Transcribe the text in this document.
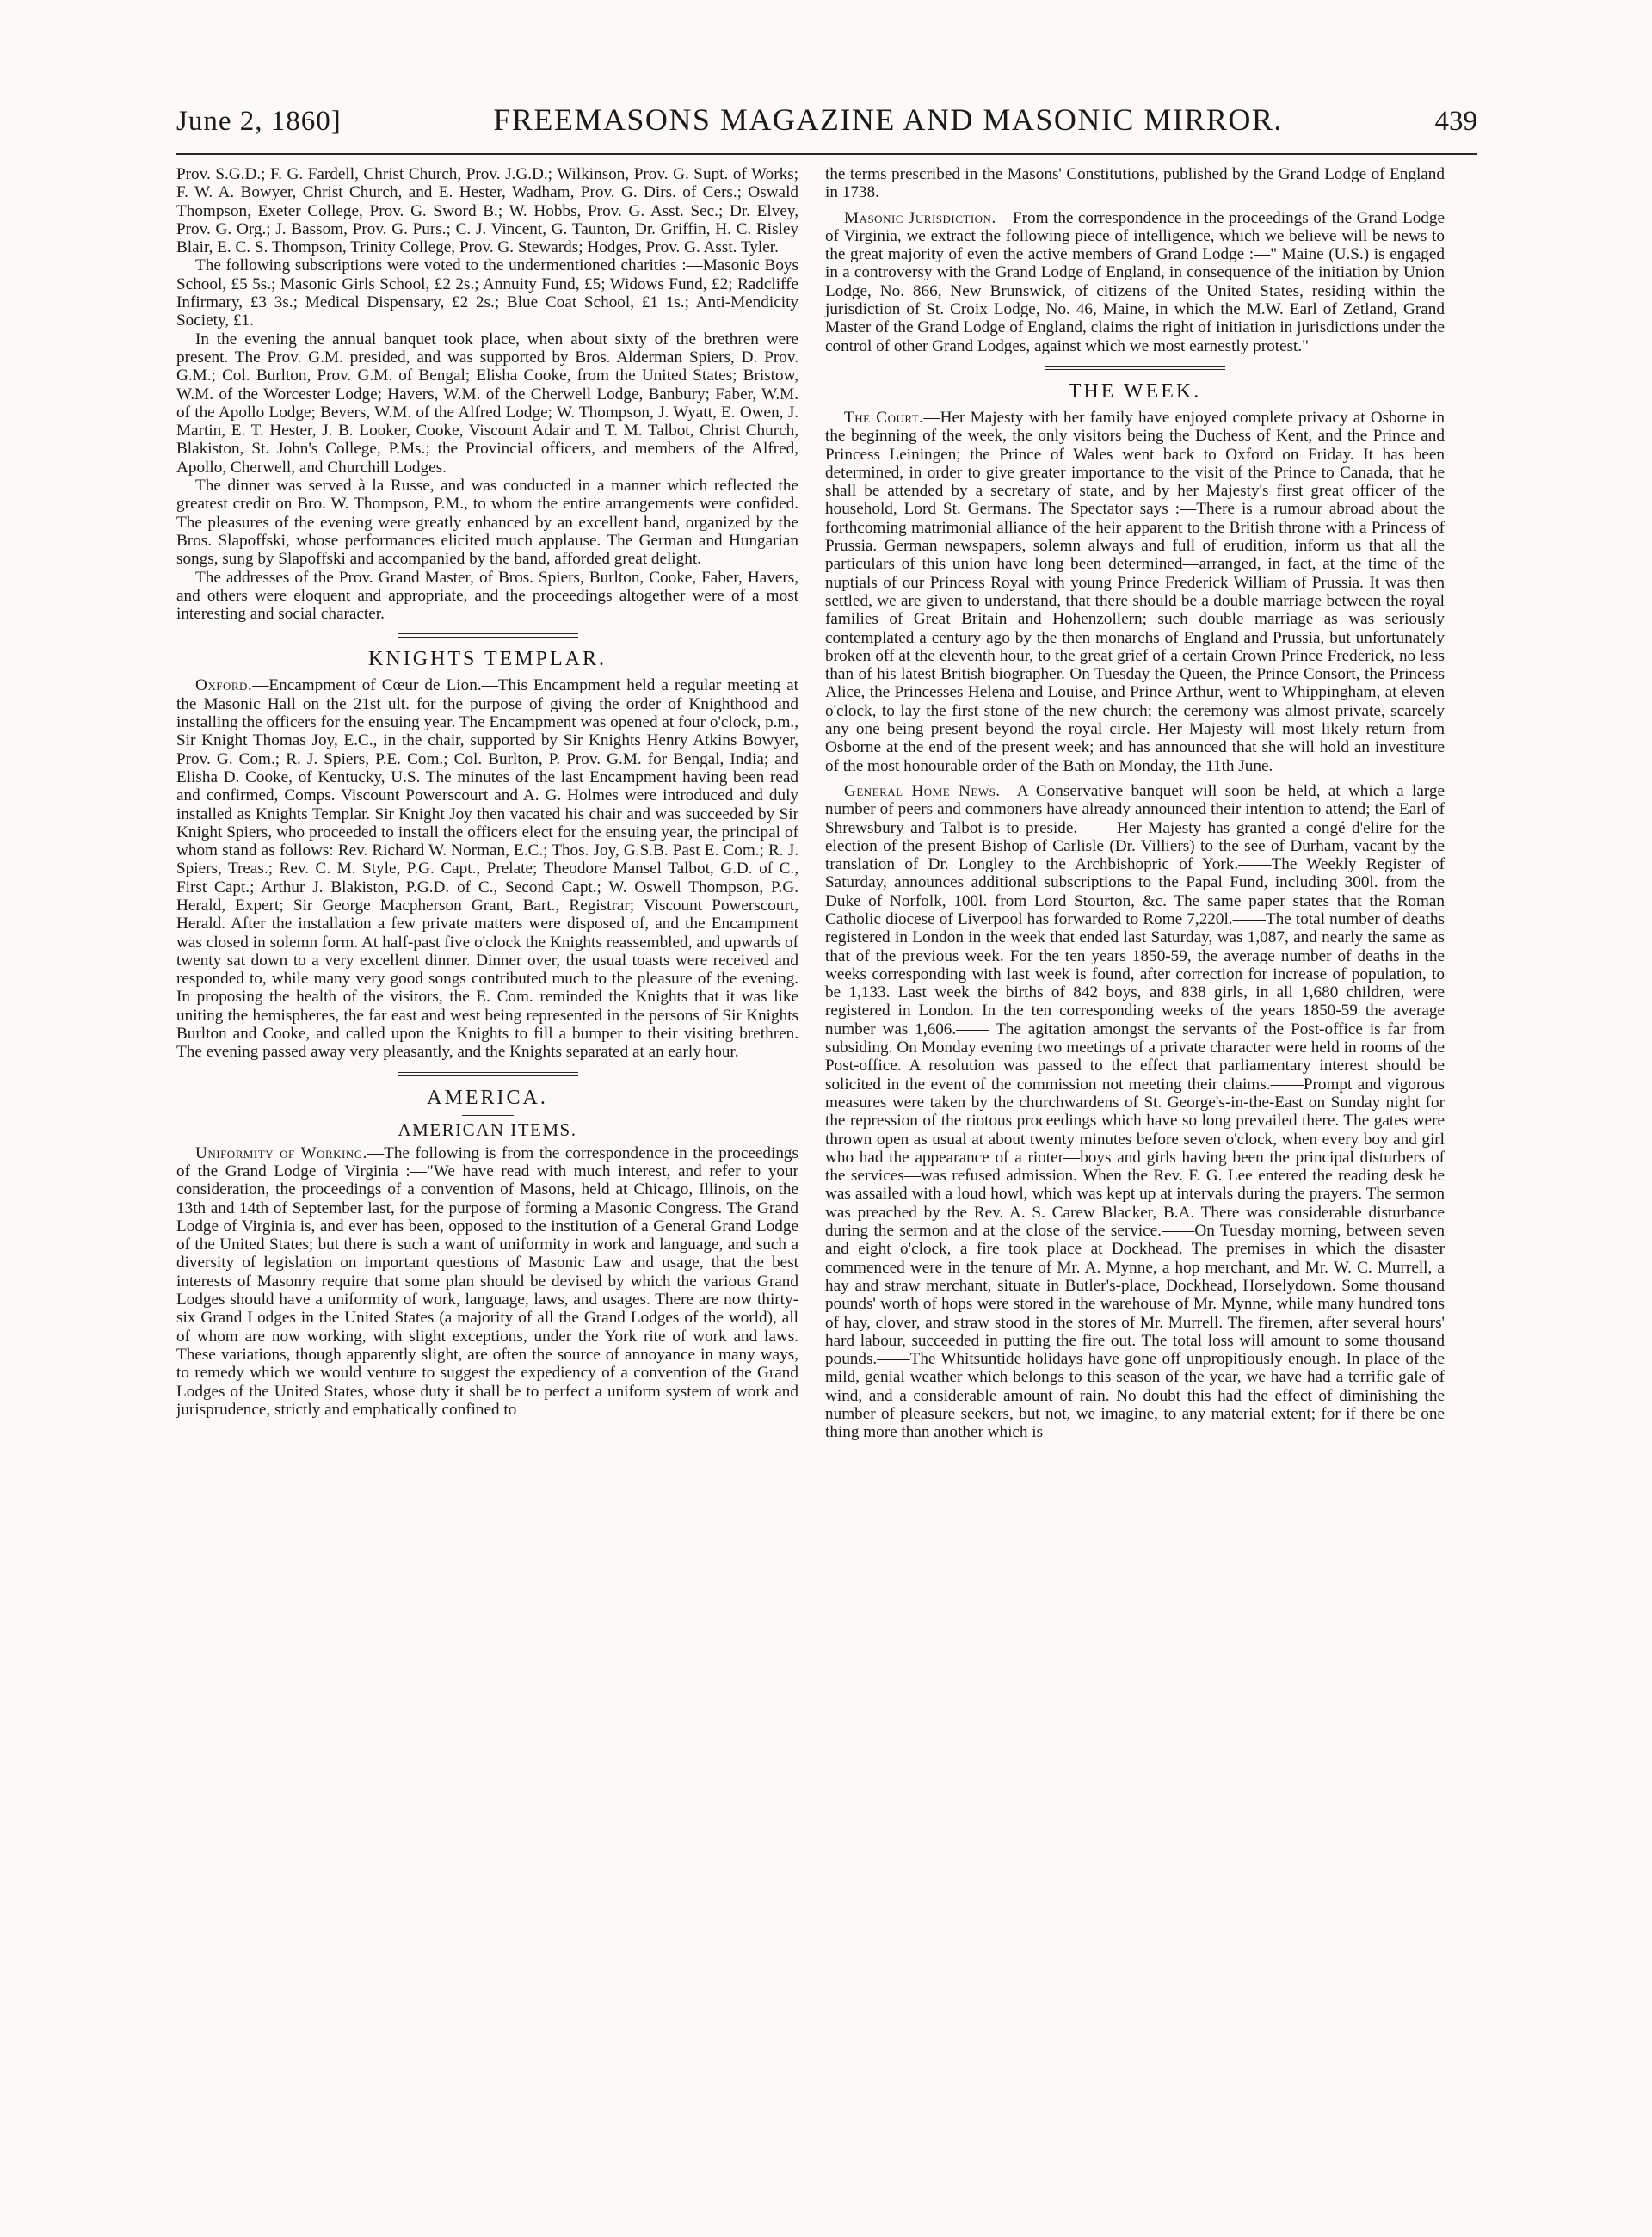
June 2, 1860]	FREEMASONS MAGAZINE AND MASONIC MIRROR.	439

Prov. S.G.D.; F. G. Fardell, Christ Church, Prov. J.G.D.; Wilkinson, Prov. G. Supt. of Works; F. W. A. Bowyer, Christ Church, and E. Hester, Wadham, Prov. G. Dirs. of Cers.; Oswald Thompson, Exeter College, Prov. G. Sword B.; W. Hobbs, Prov. G. Asst. Sec.; Dr. Elvey, Prov. G. Org.; J. Bassom, Prov. G. Purs.; C. J. Vincent, G. Taunton, Dr. Griffin, H. C. Risley Blair, E. C. S. Thompson, Trinity College, Prov. G. Stewards; Hodges, Prov. G. Asst. Tyler.

The following subscriptions were voted to the undermentioned charities :—Masonic Boys School, £5 5s.; Masonic Girls School, £2 2s.; Annuity Fund, £5; Widows Fund, £2; Radcliffe Infirmary, £3 3s.; Medical Dispensary, £2 2s.; Blue Coat School, £1 1s.; Anti-Mendicity Society, £1.

In the evening the annual banquet took place, when about sixty of the brethren were present. The Prov. G.M. presided, and was supported by Bros. Alderman Spiers, D. Prov. G.M.; Col. Burlton, Prov. G.M. of Bengal; Elisha Cooke, from the United States; Bristow, W.M. of the Worcester Lodge; Havers, W.M. of the Cherwell Lodge, Banbury; Faber, W.M. of the Apollo Lodge; Bevers, W.M. of the Alfred Lodge; W. Thompson, J. Wyatt, E. Owen, J. Martin, E. T. Hester, J. B. Looker, Cooke, Viscount Adair and T. M. Talbot, Christ Church, Blakiston, St. John's College, P.Ms.; the Provincial officers, and members of the Alfred, Apollo, Cherwell, and Churchill Lodges.

The dinner was served à la Russe, and was conducted in a manner which reflected the greatest credit on Bro. W. Thompson, P.M., to whom the entire arrangements were confided. The pleasures of the evening were greatly enhanced by an excellent band, organized by the Bros. Slapoffski, whose performances elicited much applause. The German and Hungarian songs, sung by Slapoffski and accompanied by the band, afforded great delight.

The addresses of the Prov. Grand Master, of Bros. Spiers, Burlton, Cooke, Faber, Havers, and others were eloquent and appropriate, and the proceedings altogether were of a most interesting and social character.

KNIGHTS TEMPLAR.

Oxford.—Encampment of Cœur de Lion.—This Encampment held a regular meeting at the Masonic Hall on the 21st ult. for the purpose of giving the order of Knighthood and installing the officers for the ensuing year. The Encampment was opened at four o'clock, p.m., Sir Knight Thomas Joy, E.C., in the chair, supported by Sir Knights Henry Atkins Bowyer, Prov. G. Com.; R. J. Spiers, P.E. Com.; Col. Burlton, P. Prov. G.M. for Bengal, India; and Elisha D. Cooke, of Kentucky, U.S. The minutes of the last Encampment having been read and confirmed, Comps. Viscount Powerscourt and A. G. Holmes were introduced and duly installed as Knights Templar. Sir Knight Joy then vacated his chair and was succeeded by Sir Knight Spiers, who proceeded to install the officers elect for the ensuing year, the principal of whom stand as follows: Rev. Richard W. Norman, E.C.; Thos. Joy, G.S.B. Past E. Com.; R. J. Spiers, Treas.; Rev. C. M. Style, P.G. Capt., Prelate; Theodore Mansel Talbot, G.D. of C., First Capt.; Arthur J. Blakiston, P.G.D. of C., Second Capt.; W. Oswell Thompson, P.G. Herald, Expert; Sir George Macpherson Grant, Bart., Registrar; Viscount Powerscourt, Herald. After the installation a few private matters were disposed of, and the Encampment was closed in solemn form. At half-past five o'clock the Knights reassembled, and upwards of twenty sat down to a very excellent dinner. Dinner over, the usual toasts were received and responded to, while many very good songs contributed much to the pleasure of the evening. In proposing the health of the visitors, the E. Com. reminded the Knights that it was like uniting the hemispheres, the far east and west being represented in the persons of Sir Knights Burlton and Cooke, and called upon the Knights to fill a bumper to their visiting brethren. The evening passed away very pleasantly, and the Knights separated at an early hour.

AMERICA.
AMERICAN ITEMS.

Uniformity of Working.—The following is from the correspondence in the proceedings of the Grand Lodge of Virginia :—"We have read with much interest, and refer to your consideration, the proceedings of a convention of Masons, held at Chicago, Illinois, on the 13th and 14th of September last, for the purpose of forming a Masonic Congress. The Grand Lodge of Virginia is, and ever has been, opposed to the institution of a General Grand Lodge of the United States; but there is such a want of uniformity in work and language, and such a diversity of legislation on important questions of Masonic Law and usage, that the best interests of Masonry require that some plan should be devised by which the various Grand Lodges should have a uniformity of work, language, laws, and usages. There are now thirty-six Grand Lodges in the United States (a majority of all the Grand Lodges of the world), all of whom are now working, with slight exceptions, under the York rite of work and laws. These variations, though apparently slight, are often the source of annoyance in many ways, to remedy which we would venture to suggest the expediency of a convention of the Grand Lodges of the United States, whose duty it shall be to perfect a uniform system of work and jurisprudence, strictly and emphatically confined to

the terms prescribed in the Masons' Constitutions, published by the Grand Lodge of England in 1738.

Masonic Jurisdiction.—From the correspondence in the proceedings of the Grand Lodge of Virginia, we extract the following piece of intelligence, which we believe will be news to the great majority of even the active members of Grand Lodge :—" Maine (U.S.) is engaged in a controversy with the Grand Lodge of England, in consequence of the initiation by Union Lodge, No. 866, New Brunswick, of citizens of the United States, residing within the jurisdiction of St. Croix Lodge, No. 46, Maine, in which the M.W. Earl of Zetland, Grand Master of the Grand Lodge of England, claims the right of initiation in jurisdictions under the control of other Grand Lodges, against which we most earnestly protest."

THE WEEK.

The Court.—Her Majesty with her family have enjoyed complete privacy at Osborne in the beginning of the week, the only visitors being the Duchess of Kent, and the Prince and Princess Leiningen; the Prince of Wales went back to Oxford on Friday. It has been determined, in order to give greater importance to the visit of the Prince to Canada, that he shall be attended by a secretary of state, and by her Majesty's first great officer of the household, Lord St. Germans. The Spectator says :—There is a rumour abroad about the forthcoming matrimonial alliance of the heir apparent to the British throne with a Princess of Prussia. German newspapers, solemn always and full of erudition, inform us that all the particulars of this union have long been determined—arranged, in fact, at the time of the nuptials of our Princess Royal with young Prince Frederick William of Prussia. It was then settled, we are given to understand, that there should be a double marriage between the royal families of Great Britain and Hohenzollern; such double marriage as was seriously contemplated a century ago by the then monarchs of England and Prussia, but unfortunately broken off at the eleventh hour, to the great grief of a certain Crown Prince Frederick, no less than of his latest British biographer. On Tuesday the Queen, the Prince Consort, the Princess Alice, the Princesses Helena and Louise, and Prince Arthur, went to Whippingham, at eleven o'clock, to lay the first stone of the new church; the ceremony was almost private, scarcely any one being present beyond the royal circle. Her Majesty will most likely return from Osborne at the end of the present week; and has announced that she will hold an investiture of the most honourable order of the Bath on Monday, the 11th June.

General Home News.—A Conservative banquet will soon be held, at which a large number of peers and commoners have already announced their intention to attend; the Earl of Shrewsbury and Talbot is to preside. ——Her Majesty has granted a congé d'elire for the election of the present Bishop of Carlisle (Dr. Villiers) to the see of Durham, vacant by the translation of Dr. Longley to the Archbishopric of York.——The Weekly Register of Saturday, announces additional subscriptions to the Papal Fund, including 300l. from the Duke of Norfolk, 100l. from Lord Stourton, &c. The same paper states that the Roman Catholic diocese of Liverpool has forwarded to Rome 7,220l.——The total number of deaths registered in London in the week that ended last Saturday, was 1,087, and nearly the same as that of the previous week. For the ten years 1850-59, the average number of deaths in the weeks corresponding with last week is found, after correction for increase of population, to be 1,133. Last week the births of 842 boys, and 838 girls, in all 1,680 children, were registered in London. In the ten corresponding weeks of the years 1850-59 the average number was 1,606.—— The agitation amongst the servants of the Post-office is far from subsiding. On Monday evening two meetings of a private character were held in rooms of the Post-office. A resolution was passed to the effect that parliamentary interest should be solicited in the event of the commission not meeting their claims.——Prompt and vigorous measures were taken by the churchwardens of St. George's-in-the-East on Sunday night for the repression of the riotous proceedings which have so long prevailed there. The gates were thrown open as usual at about twenty minutes before seven o'clock, when every boy and girl who had the appearance of a rioter—boys and girls having been the principal disturbers of the services—was refused admission. When the Rev. F. G. Lee entered the reading desk he was assailed with a loud howl, which was kept up at intervals during the prayers. The sermon was preached by the Rev. A. S. Carew Blacker, B.A. There was considerable disturbance during the sermon and at the close of the service.——On Tuesday morning, between seven and eight o'clock, a fire took place at Dockhead. The premises in which the disaster commenced were in the tenure of Mr. A. Mynne, a hop merchant, and Mr. W. C. Murrell, a hay and straw merchant, situate in Butler's-place, Dockhead, Horselydown. Some thousand pounds' worth of hops were stored in the warehouse of Mr. Mynne, while many hundred tons of hay, clover, and straw stood in the stores of Mr. Murrell. The firemen, after several hours' hard labour, succeeded in putting the fire out. The total loss will amount to some thousand pounds.——The Whitsuntide holidays have gone off unpropitiously enough. In place of the mild, genial weather which belongs to this season of the year, we have had a terrific gale of wind, and a considerable amount of rain. No doubt this had the effect of diminishing the number of pleasure seekers, but not, we imagine, to any material extent; for if there be one thing more than another which is
